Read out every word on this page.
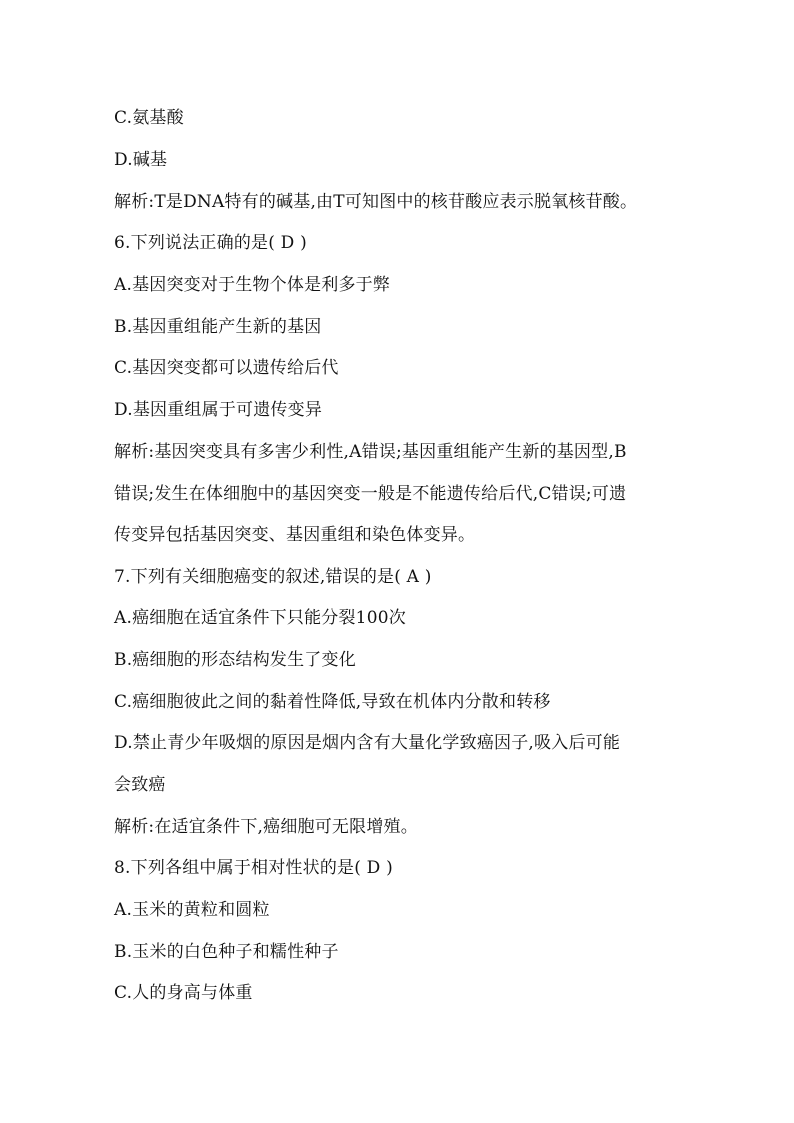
C.氨基酸
D.碱基
解析:T是DNA特有的碱基,由T可知图中的核苷酸应表示脱氧核苷酸。
6.下列说法正确的是( D )
A.基因突变对于生物个体是利多于弊
B.基因重组能产生新的基因
C.基因突变都可以遗传给后代
D.基因重组属于可遗传变异
解析:基因突变具有多害少利性,A错误;基因重组能产生新的基因型,B
错误;发生在体细胞中的基因突变一般是不能遗传给后代,C错误;可遗
传变异包括基因突变、基因重组和染色体变异。
7.下列有关细胞癌变的叙述,错误的是( A )
A.癌细胞在适宜条件下只能分裂100次
B.癌细胞的形态结构发生了变化
C.癌细胞彼此之间的黏着性降低,导致在机体内分散和转移
D.禁止青少年吸烟的原因是烟内含有大量化学致癌因子,吸入后可能
会致癌
解析:在适宜条件下,癌细胞可无限增殖。
8.下列各组中属于相对性状的是( D )
A.玉米的黄粒和圆粒
B.玉米的白色种子和糯性种子
C.人的身高与体重
